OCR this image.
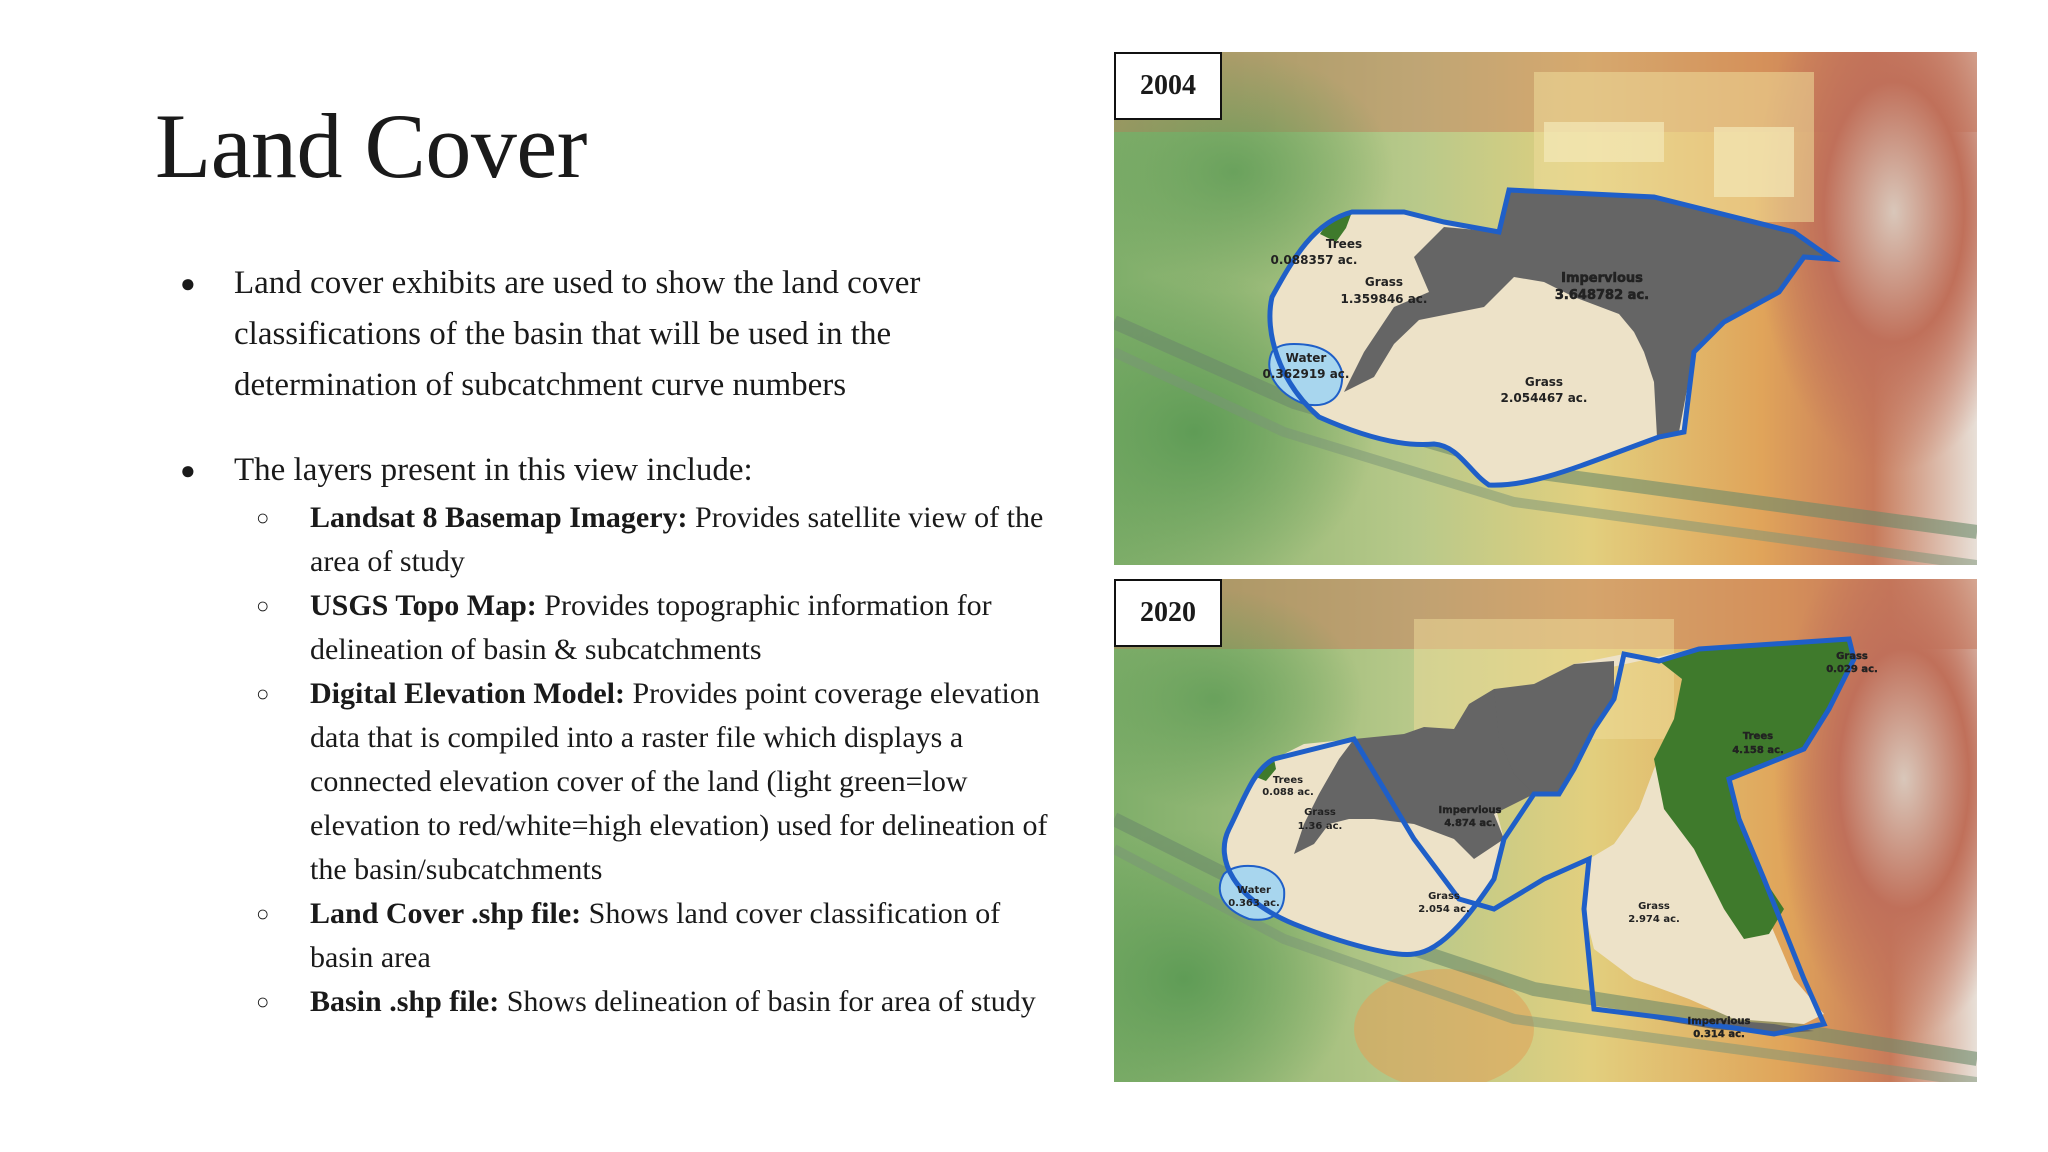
Land Cover
● Land cover exhibits are used to show the land cover classifications of the basin that will be used in the determination of subcatchment curve numbers
● The layers present in this view include:
○ Landsat 8 Basemap Imagery: Provides satellite view of the area of study
○ USGS Topo Map: Provides topographic information for delineation of basin & subcatchments
○ Digital Elevation Model: Provides point coverage elevation data that is compiled into a raster file which displays a connected elevation cover of the land (light green=low elevation to red/white=high elevation) used for delineation of the basin/subcatchments
○ Land Cover .shp file: Shows land cover classification of basin area
○ Basin .shp file: Shows delineation of basin for area of study
Trees
0.088357 ac.
Grass
1.359846 ac.
Impervious
3.648782 ac.
Water
0.362919 ac.
Grass
2.054467 ac.
2004
Grass
0.029 ac.
Trees
4.158 ac.
Trees
0.088 ac.
Grass
1.36 ac.
Impervious
4.874 ac.
Water
0.363 ac.
Grass
2.054 ac.	Grass
2.974 ac.
Impervious
0.314 ac.
2020
